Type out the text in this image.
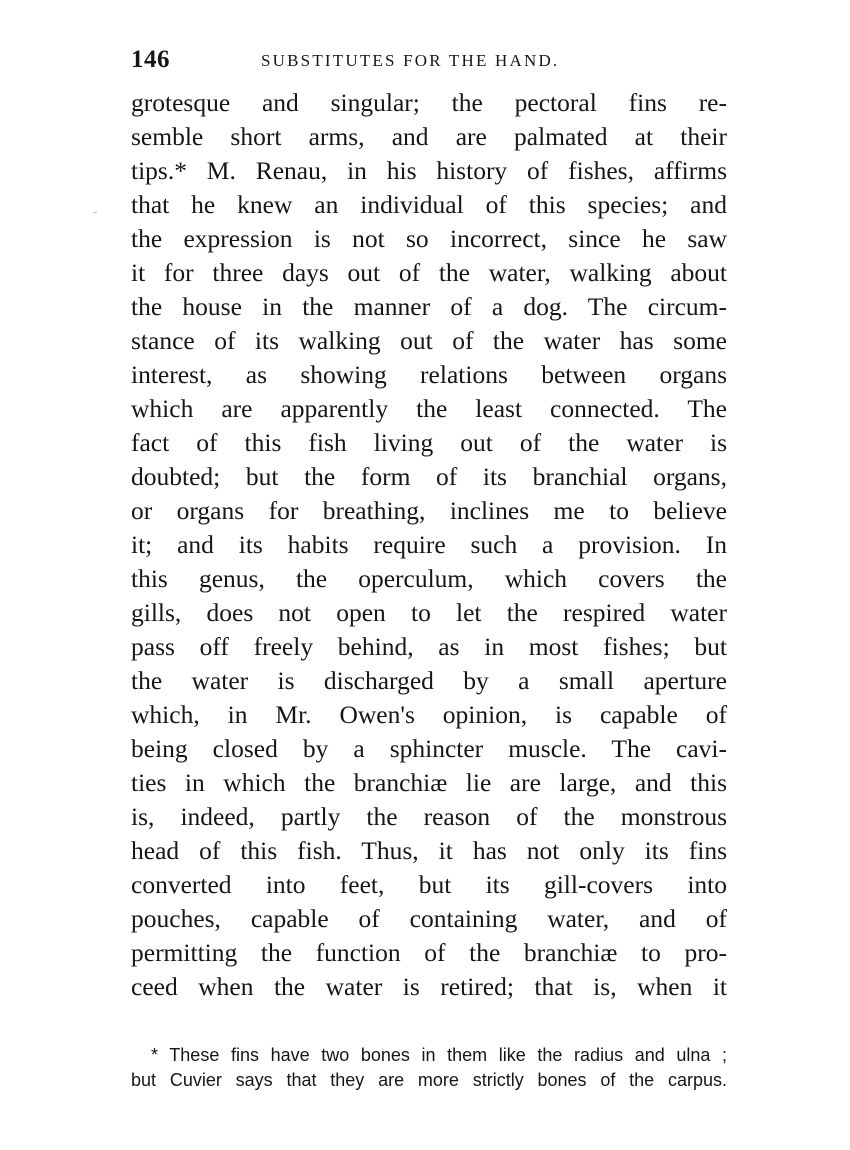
146	SUBSTITUTES FOR THE HAND.
grotesque and singular; the pectoral fins re-
semble short arms, and are palmated at their
tips.* M. Renau, in his history of fishes, affirms
that he knew an individual of this species; and
the expression is not so incorrect, since he saw
it for three days out of the water, walking about
the house in the manner of a dog. The circum-
stance of its walking out of the water has some
interest, as showing relations between organs
which are apparently the least connected. The
fact of this fish living out of the water is
doubted; but the form of its branchial organs,
or organs for breathing, inclines me to believe
it; and its habits require such a provision. In
this genus, the operculum, which covers the
gills, does not open to let the respired water
pass off freely behind, as in most fishes; but
the water is discharged by a small aperture
which, in Mr. Owen's opinion, is capable of
being closed by a sphincter muscle. The cavi-
ties in which the branchiæ lie are large, and this
is, indeed, partly the reason of the monstrous
head of this fish. Thus, it has not only its fins
converted into feet, but its gill-covers into
pouches, capable of containing water, and of
permitting the function of the branchiæ to pro-
ceed when the water is retired; that is, when it
* These fins have two bones in them like the radius and ulna ;
but Cuvier says that they are more strictly bones of the carpus.
